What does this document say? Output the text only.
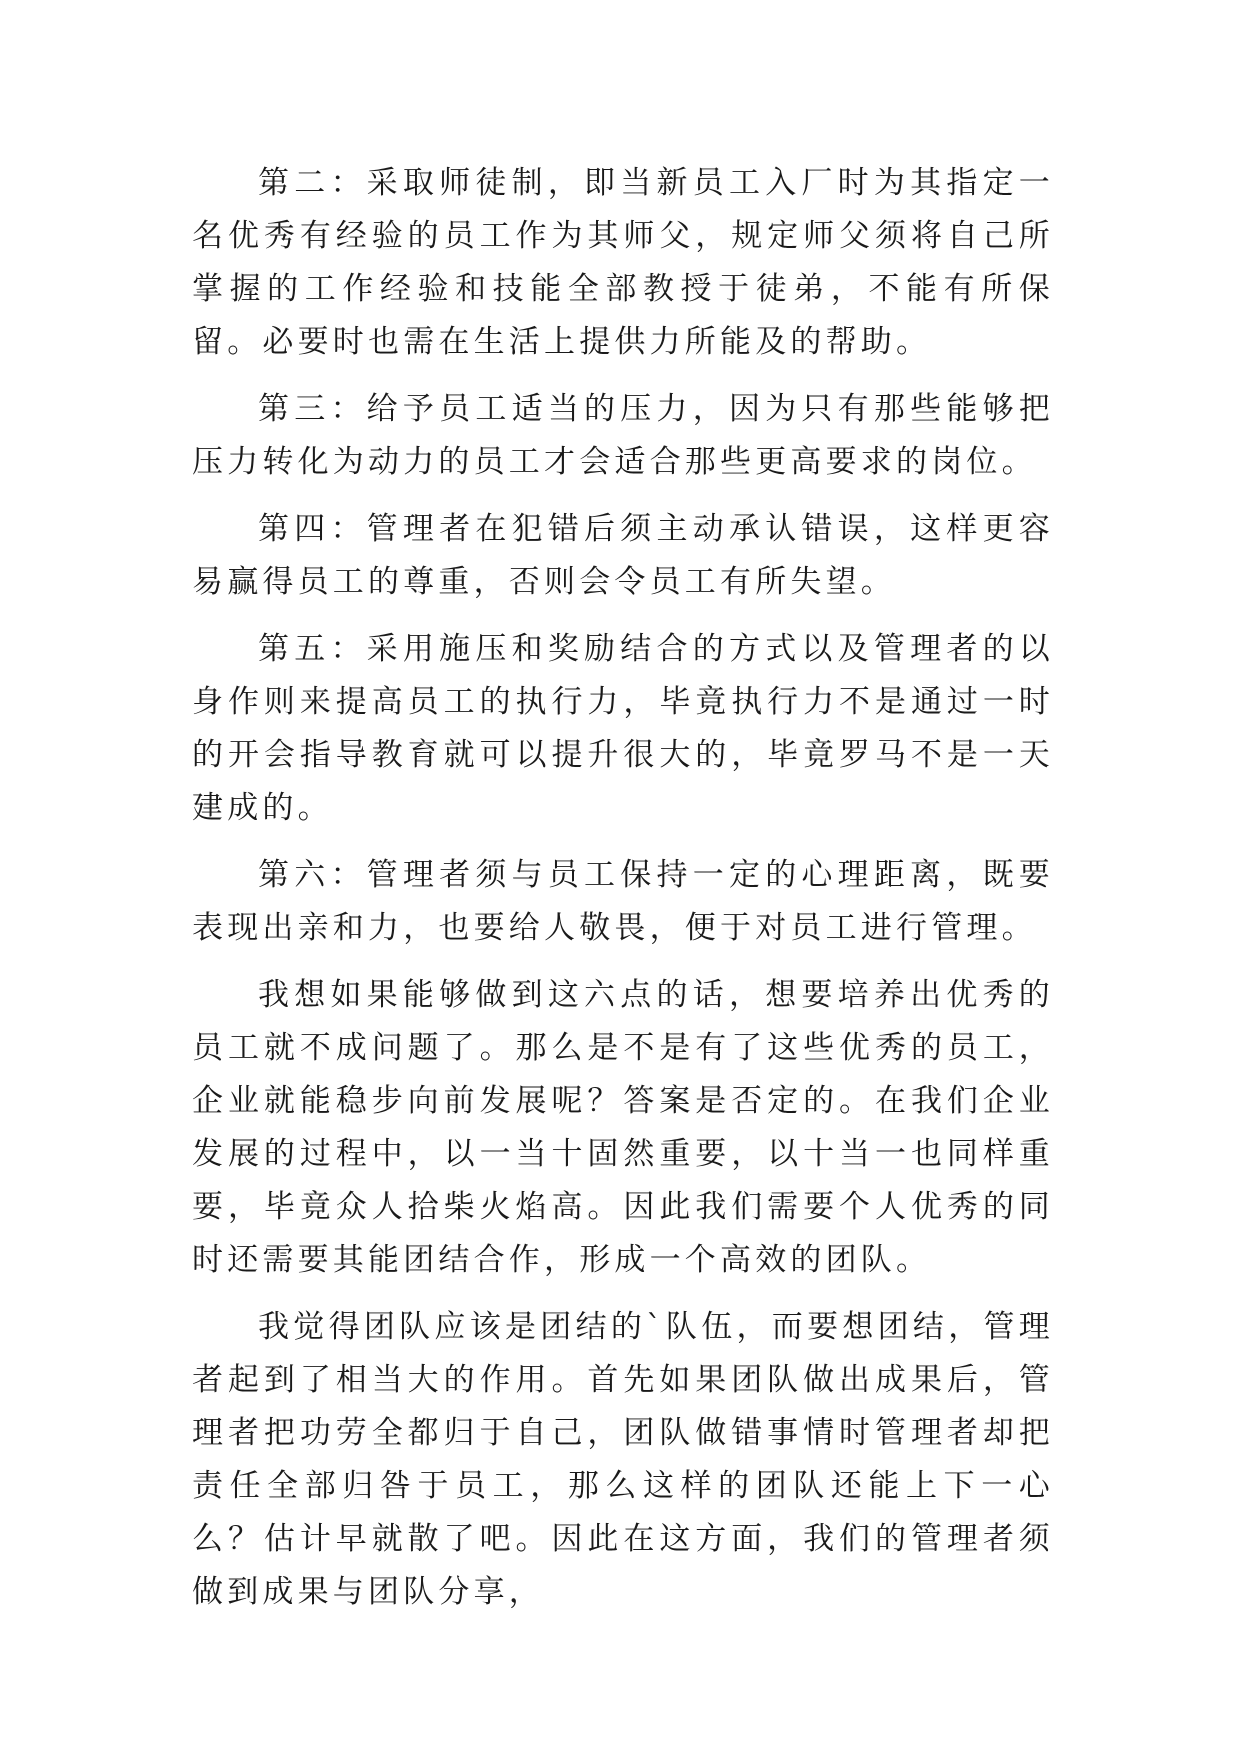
第二：采取师徒制，即当新员工入厂时为其指定一名优秀有经验的员工作为其师父，规定师父须将自己所掌握的工作经验和技能全部教授于徒弟，不能有所保留。必要时也需在生活上提供力所能及的帮助。

第三：给予员工适当的压力，因为只有那些能够把压力转化为动力的员工才会适合那些更高要求的岗位。

第四：管理者在犯错后须主动承认错误，这样更容易赢得员工的尊重，否则会令员工有所失望。

第五：采用施压和奖励结合的方式以及管理者的以身作则来提高员工的执行力，毕竟执行力不是通过一时的开会指导教育就可以提升很大的，毕竟罗马不是一天建成的。

第六：管理者须与员工保持一定的心理距离，既要表现出亲和力，也要给人敬畏，便于对员工进行管理。

我想如果能够做到这六点的话，想要培养出优秀的员工就不成问题了。那么是不是有了这些优秀的员工，企业就能稳步向前发展呢？答案是否定的。在我们企业发展的过程中，以一当十固然重要，以十当一也同样重要，毕竟众人拾柴火焰高。因此我们需要个人优秀的同时还需要其能团结合作，形成一个高效的团队。

我觉得团队应该是团结的`队伍，而要想团结，管理者起到了相当大的作用。首先如果团队做出成果后，管理者把功劳全都归于自己，团队做错事情时管理者却把责任全部归咎于员工，那么这样的团队还能上下一心么？估计早就散了吧。因此在这方面，我们的管理者须做到成果与团队分享，
